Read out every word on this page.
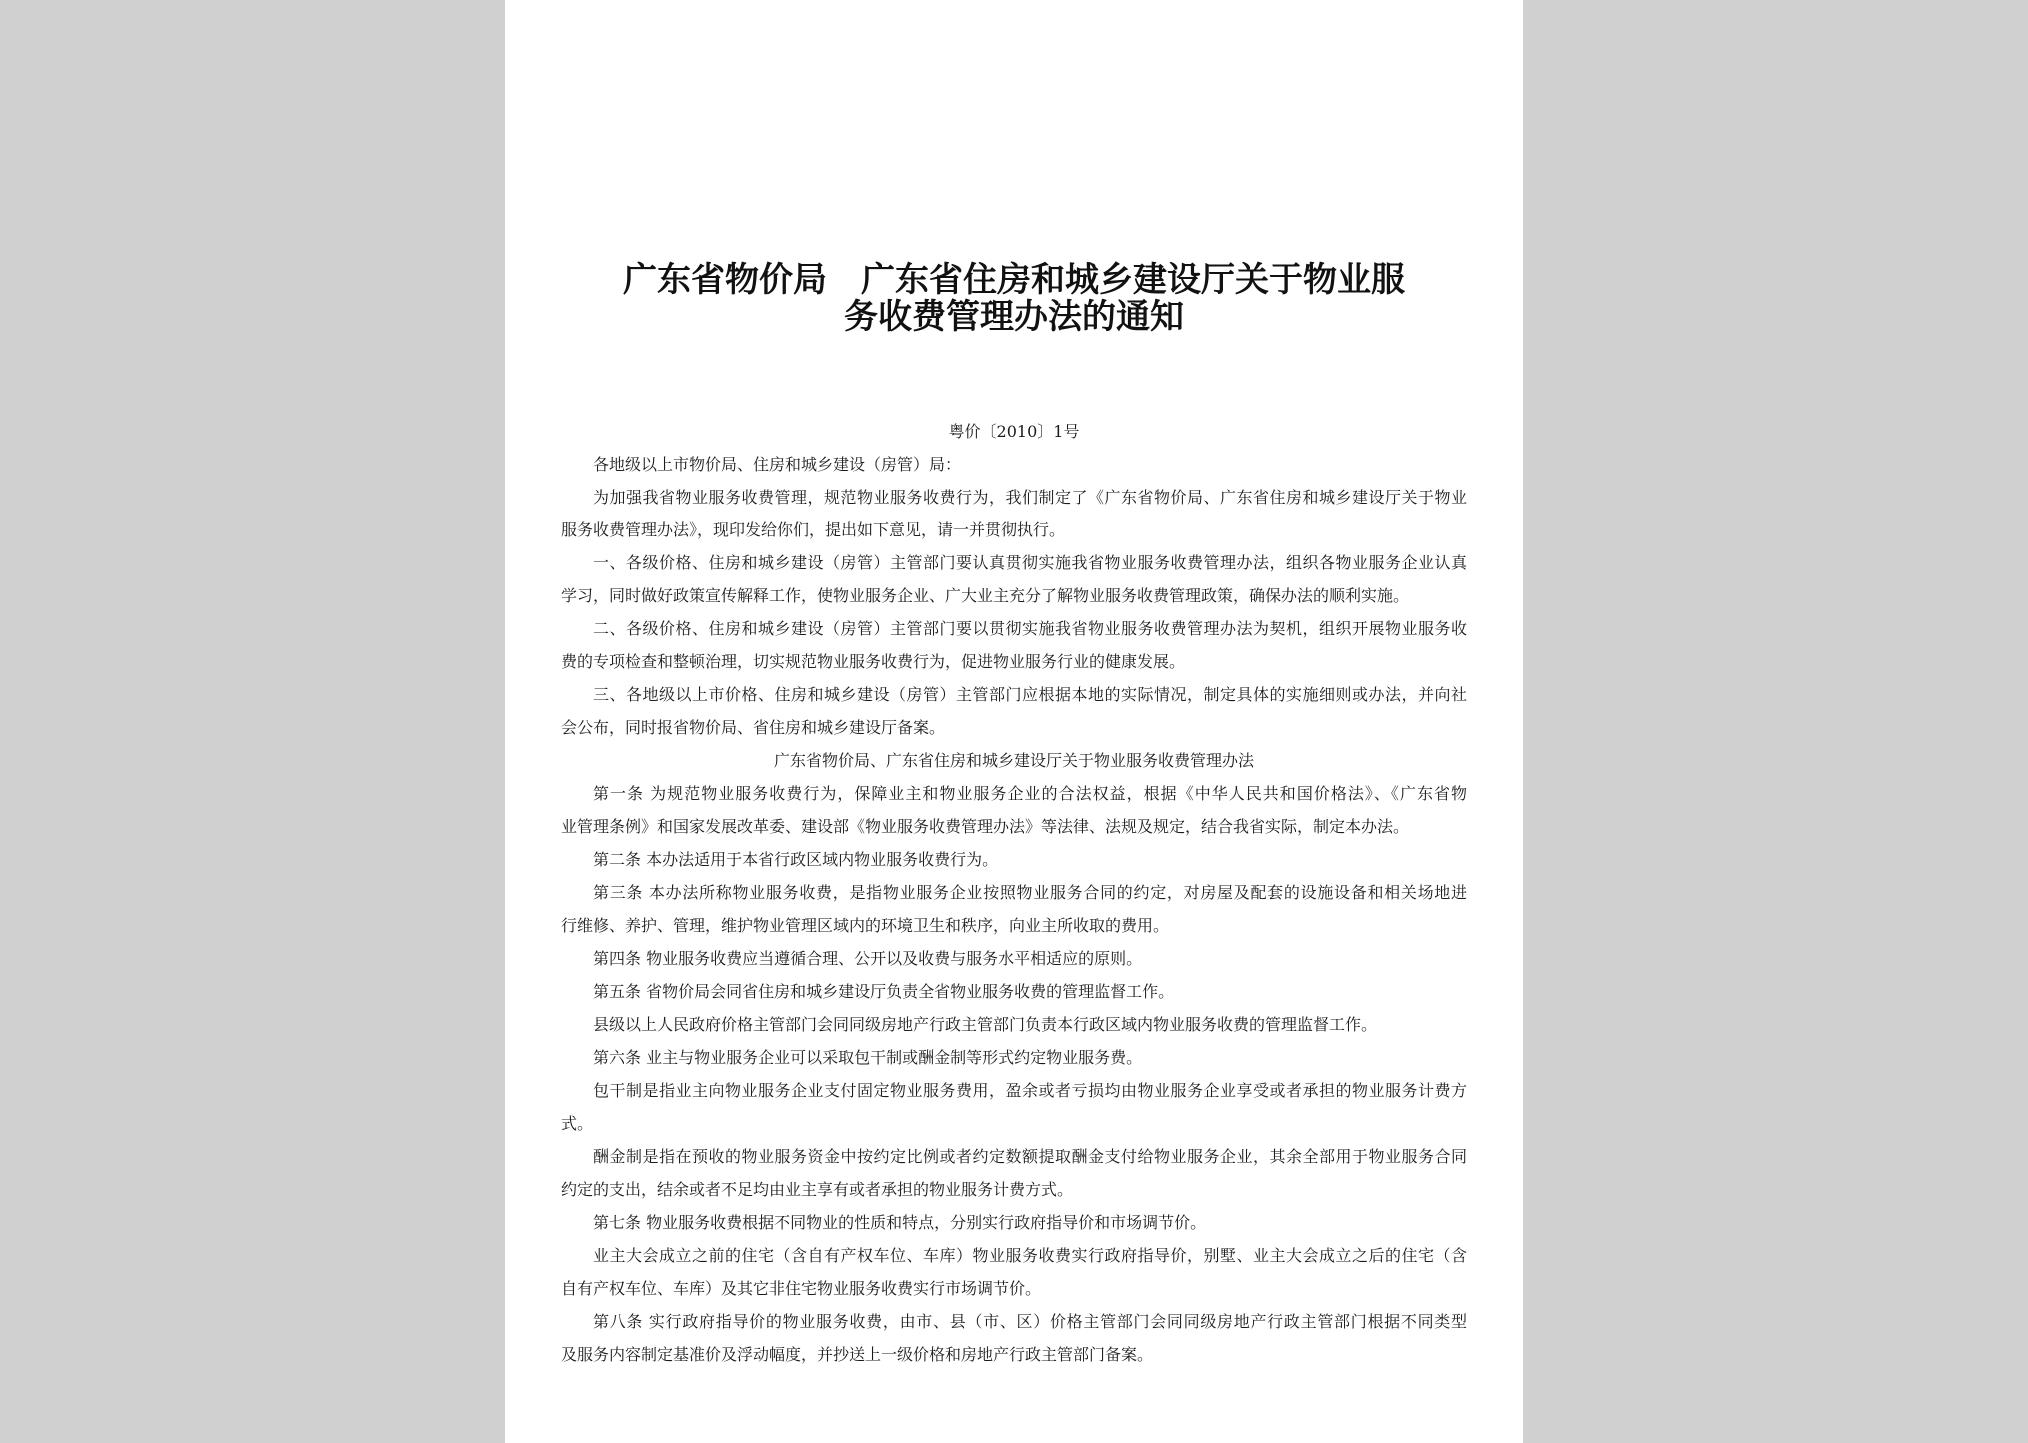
广东省物价局　广东省住房和城乡建设厅关于物业服
务收费管理办法的通知
粤价〔2010〕1号
各地级以上市物价局、住房和城乡建设（房管）局：
为加强我省物业服务收费管理，规范物业服务收费行为，我们制定了《广东省物价局、广东省住房和城乡建设厅关于物业
服务收费管理办法》，现印发给你们，提出如下意见，请一并贯彻执行。
一、各级价格、住房和城乡建设（房管）主管部门要认真贯彻实施我省物业服务收费管理办法，组织各物业服务企业认真
学习，同时做好政策宣传解释工作，使物业服务企业、广大业主充分了解物业服务收费管理政策，确保办法的顺利实施。
二、各级价格、住房和城乡建设（房管）主管部门要以贯彻实施我省物业服务收费管理办法为契机，组织开展物业服务收
费的专项检查和整顿治理，切实规范物业服务收费行为，促进物业服务行业的健康发展。
三、各地级以上市价格、住房和城乡建设（房管）主管部门应根据本地的实际情况，制定具体的实施细则或办法，并向社
会公布，同时报省物价局、省住房和城乡建设厅备案。
广东省物价局、广东省住房和城乡建设厅关于物业服务收费管理办法
第一条 为规范物业服务收费行为，保障业主和物业服务企业的合法权益，根据《中华人民共和国价格法》、《广东省物
业管理条例》和国家发展改革委、建设部《物业服务收费管理办法》等法律、法规及规定，结合我省实际，制定本办法。
第二条 本办法适用于本省行政区域内物业服务收费行为。
第三条 本办法所称物业服务收费，是指物业服务企业按照物业服务合同的约定，对房屋及配套的设施设备和相关场地进
行维修、养护、管理，维护物业管理区域内的环境卫生和秩序，向业主所收取的费用。
第四条 物业服务收费应当遵循合理、公开以及收费与服务水平相适应的原则。
第五条 省物价局会同省住房和城乡建设厅负责全省物业服务收费的管理监督工作。
县级以上人民政府价格主管部门会同同级房地产行政主管部门负责本行政区域内物业服务收费的管理监督工作。
第六条 业主与物业服务企业可以采取包干制或酬金制等形式约定物业服务费。
包干制是指业主向物业服务企业支付固定物业服务费用，盈余或者亏损均由物业服务企业享受或者承担的物业服务计费方
式。
酬金制是指在预收的物业服务资金中按约定比例或者约定数额提取酬金支付给物业服务企业，其余全部用于物业服务合同
约定的支出，结余或者不足均由业主享有或者承担的物业服务计费方式。
第七条 物业服务收费根据不同物业的性质和特点，分别实行政府指导价和市场调节价。
业主大会成立之前的住宅（含自有产权车位、车库）物业服务收费实行政府指导价，别墅、业主大会成立之后的住宅（含
自有产权车位、车库）及其它非住宅物业服务收费实行市场调节价。
第八条 实行政府指导价的物业服务收费，由市、县（市、区）价格主管部门会同同级房地产行政主管部门根据不同类型
及服务内容制定基准价及浮动幅度，并抄送上一级价格和房地产行政主管部门备案。
